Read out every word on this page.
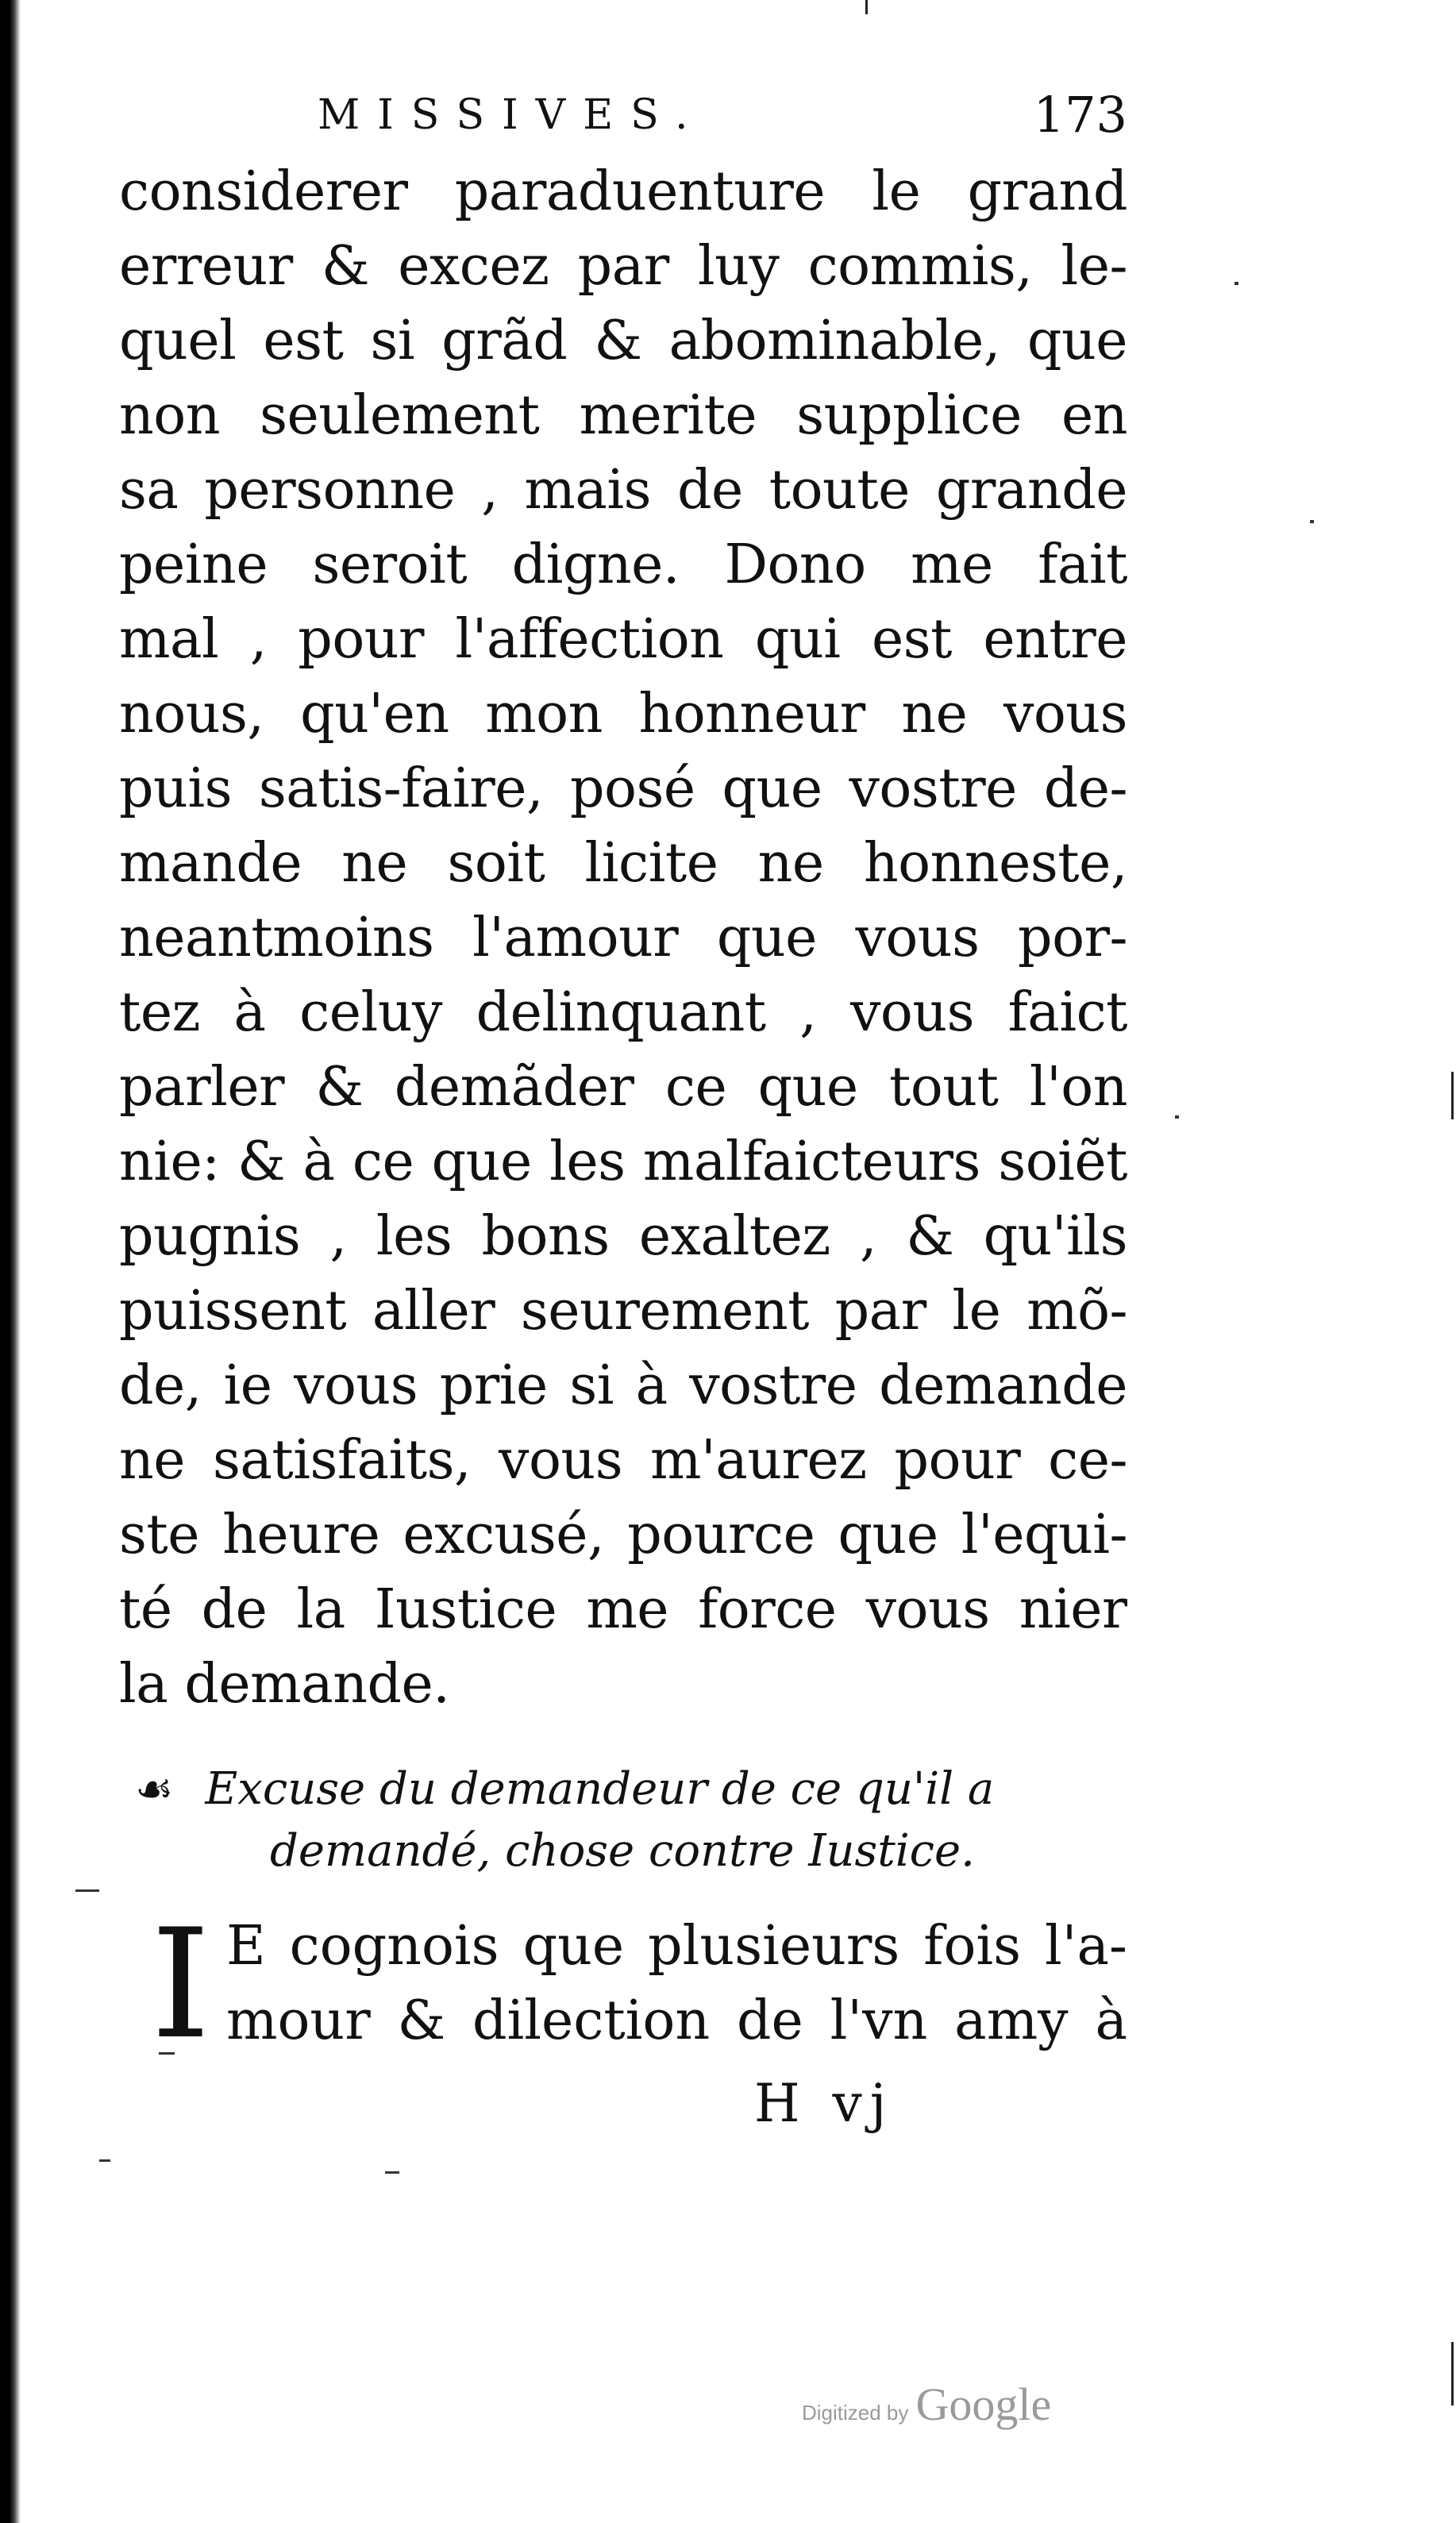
MISSIVES.	173
considerer paraduenture le grand
erreur & excez par luy commis, le-
quel est si grãd & abominable, que
non seulement merite supplice en
sa personne , mais de toute grande
peine seroit digne. Dono me fait
mal , pour l'affection qui est entre
nous, qu'en mon honneur ne vous
puis satis-faire, posé que vostre de-
mande ne soit licite ne honneste,
neantmoins l'amour que vous por-
tez à celuy delinquant , vous faict
parler & demãder ce que tout l'on
nie: & à ce que les malfaicteurs soiẽt
pugnis , les bons exaltez , & qu'ils
puissent aller seurement par le mõ-
de, ie vous prie si à vostre demande
ne satisfaits, vous m'aurez pour ce-
ste heure excusé, pource que l'equi-
té de la Iustice me force vous nier
la demande.
☙ Excuse du demandeur de ce qu'il a
demandé, chose contre Iustice.
I E cognois que plusieurs fois l'a-
mour & dilection de l'vn amy à
H vj
Digitized by Google
